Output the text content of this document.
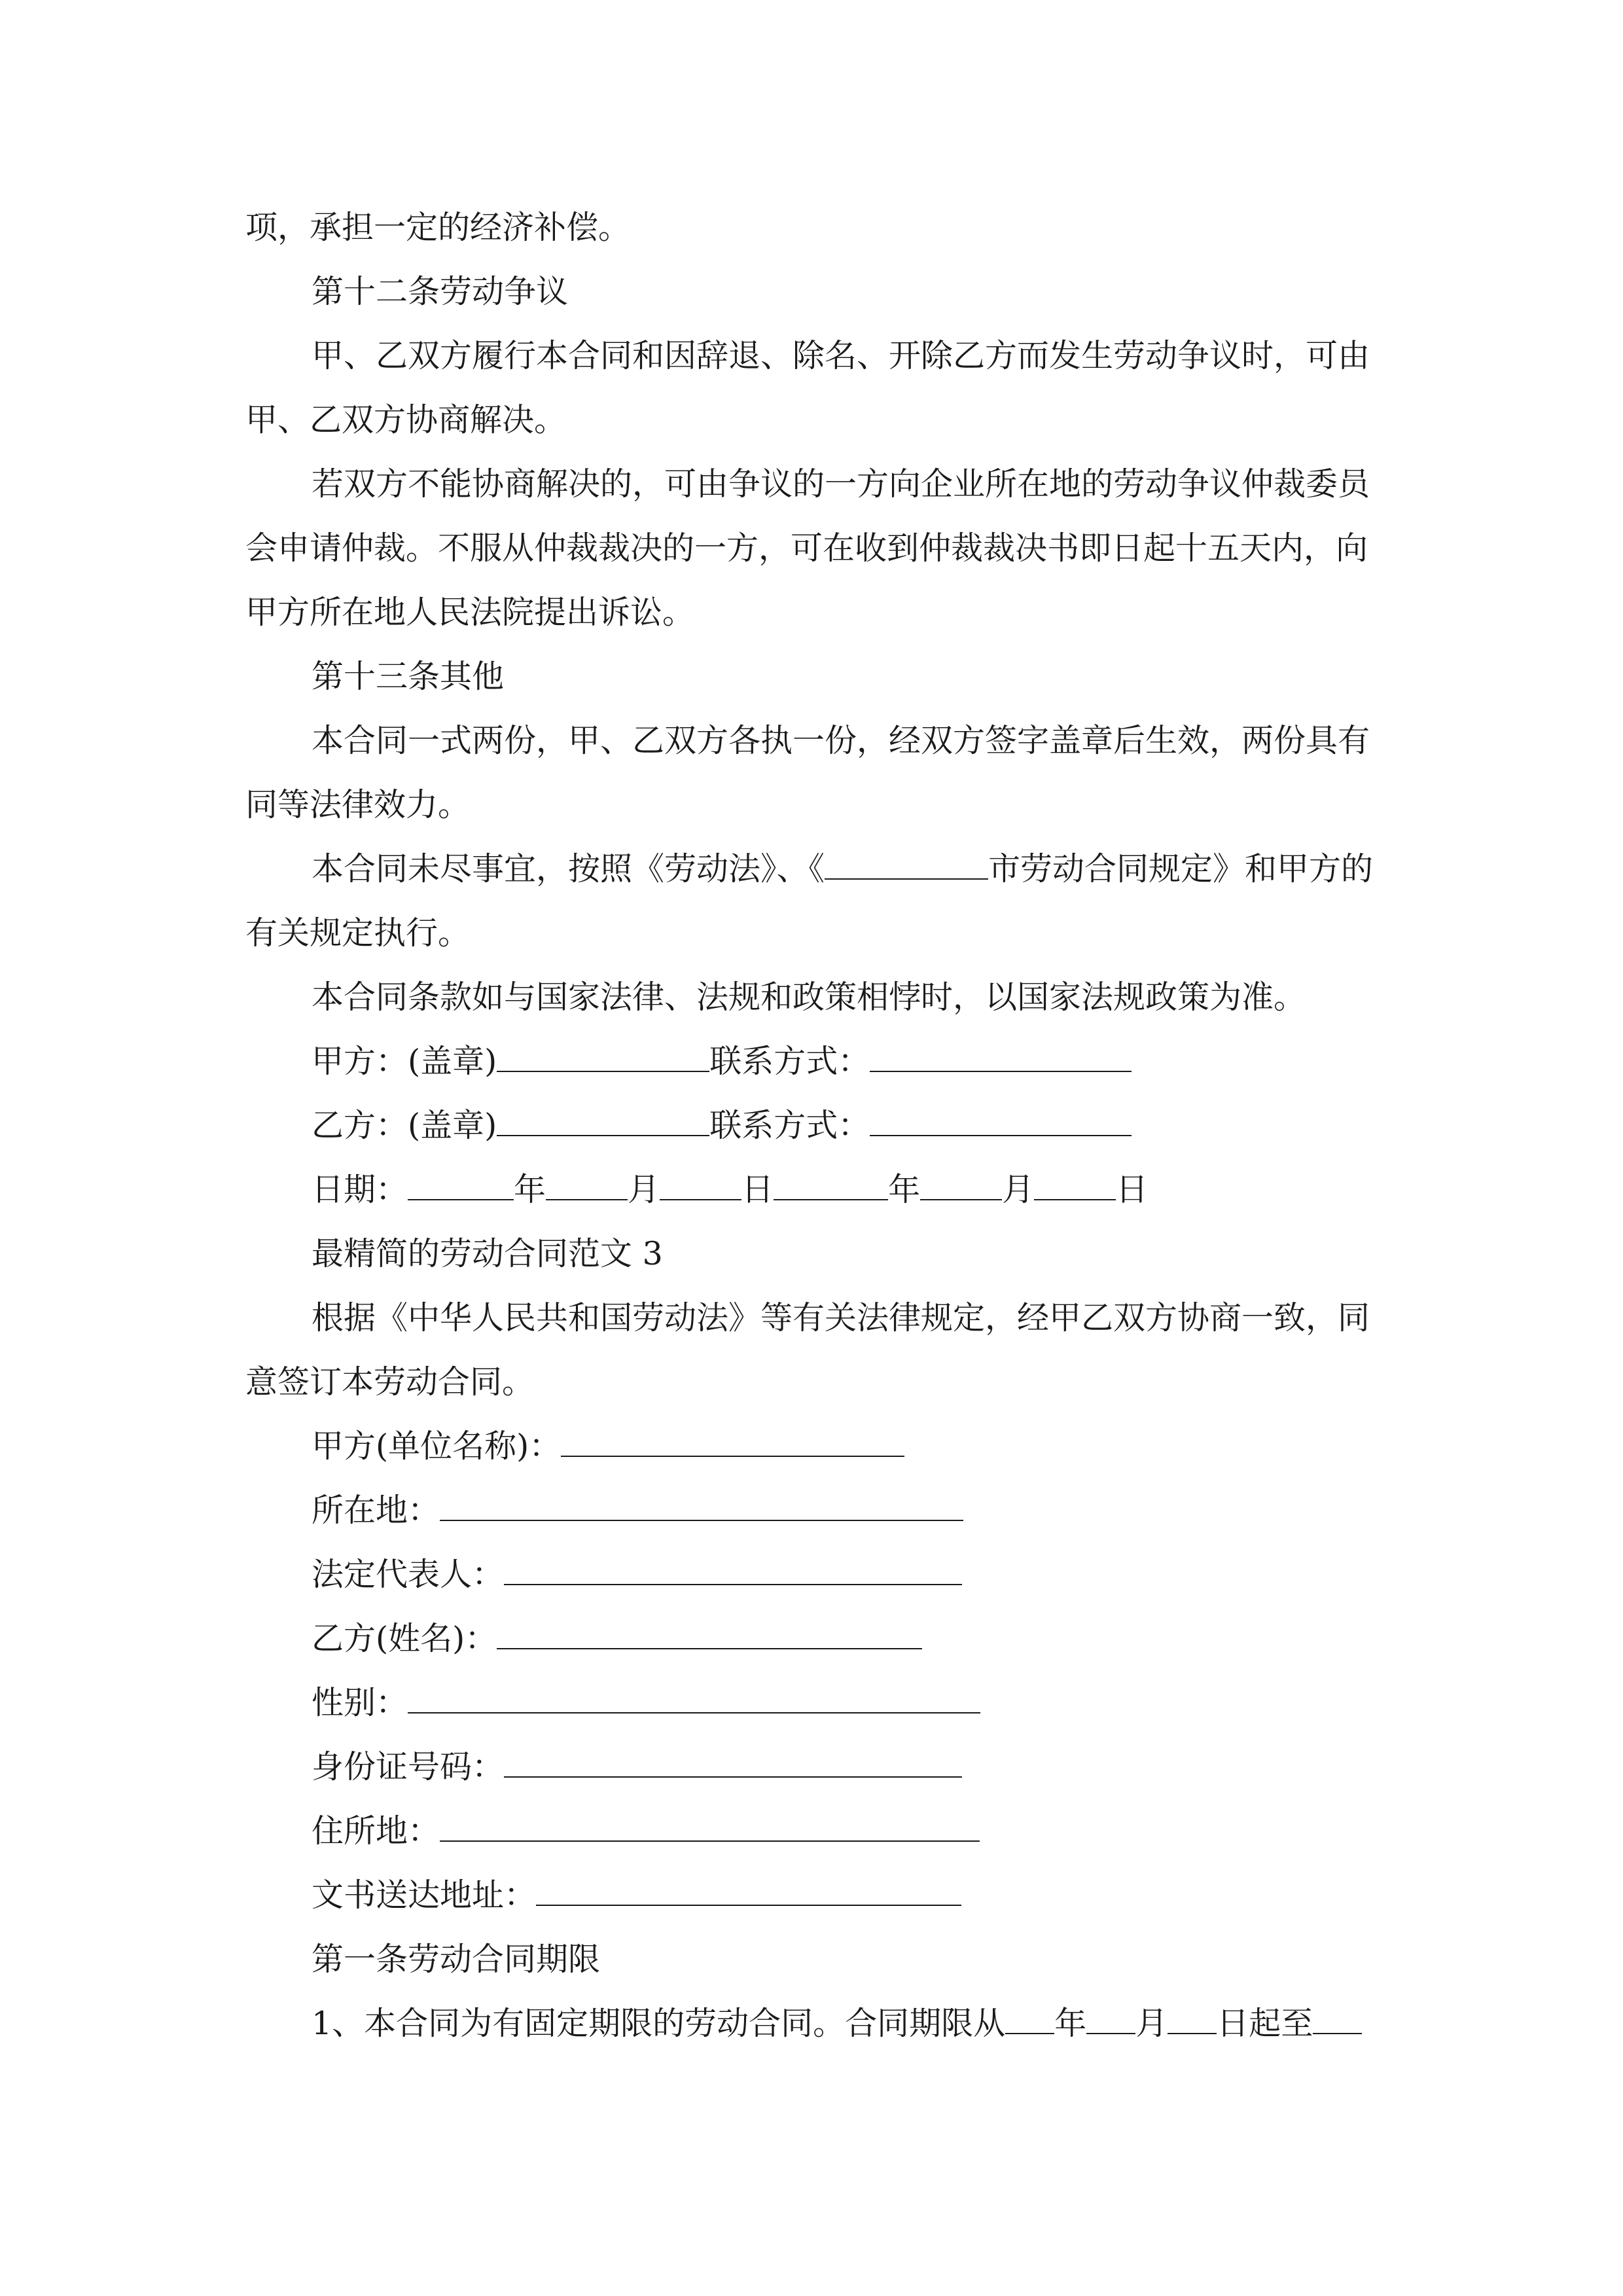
项，承担一定的经济补偿。
第十二条劳动争议
甲、乙双方履行本合同和因辞退、除名、开除乙方而发生劳动争议时，可由
甲、乙双方协商解决。
若双方不能协商解决的，可由争议的一方向企业所在地的劳动争议仲裁委员
会申请仲裁。不服从仲裁裁决的一方，可在收到仲裁裁决书即日起十五天内，向
甲方所在地人民法院提出诉讼。
第十三条其他
本合同一式两份，甲、乙双方各执一份，经双方签字盖章后生效，两份具有
同等法律效力。
本合同未尽事宜，按照《劳动法》、《	市劳动合同规定》和甲方的
有关规定执行。
本合同条款如与国家法律、法规和政策相悖时，以国家法规政策为准。
甲方：(盖章)	联系方式：
乙方：(盖章)	联系方式：
日期：	年	月	日	年	月	日
最精简的劳动合同范文 3
根据《中华人民共和国劳动法》等有关法律规定，经甲乙双方协商一致，同
意签订本劳动合同。
甲方(单位名称)：
所在地：
法定代表人：
乙方(姓名)：
性别：
身份证号码：
住所地：
文书送达地址：
第一条劳动合同期限
1、本合同为有固定期限的劳动合同。合同期限从 年 月 日起至
